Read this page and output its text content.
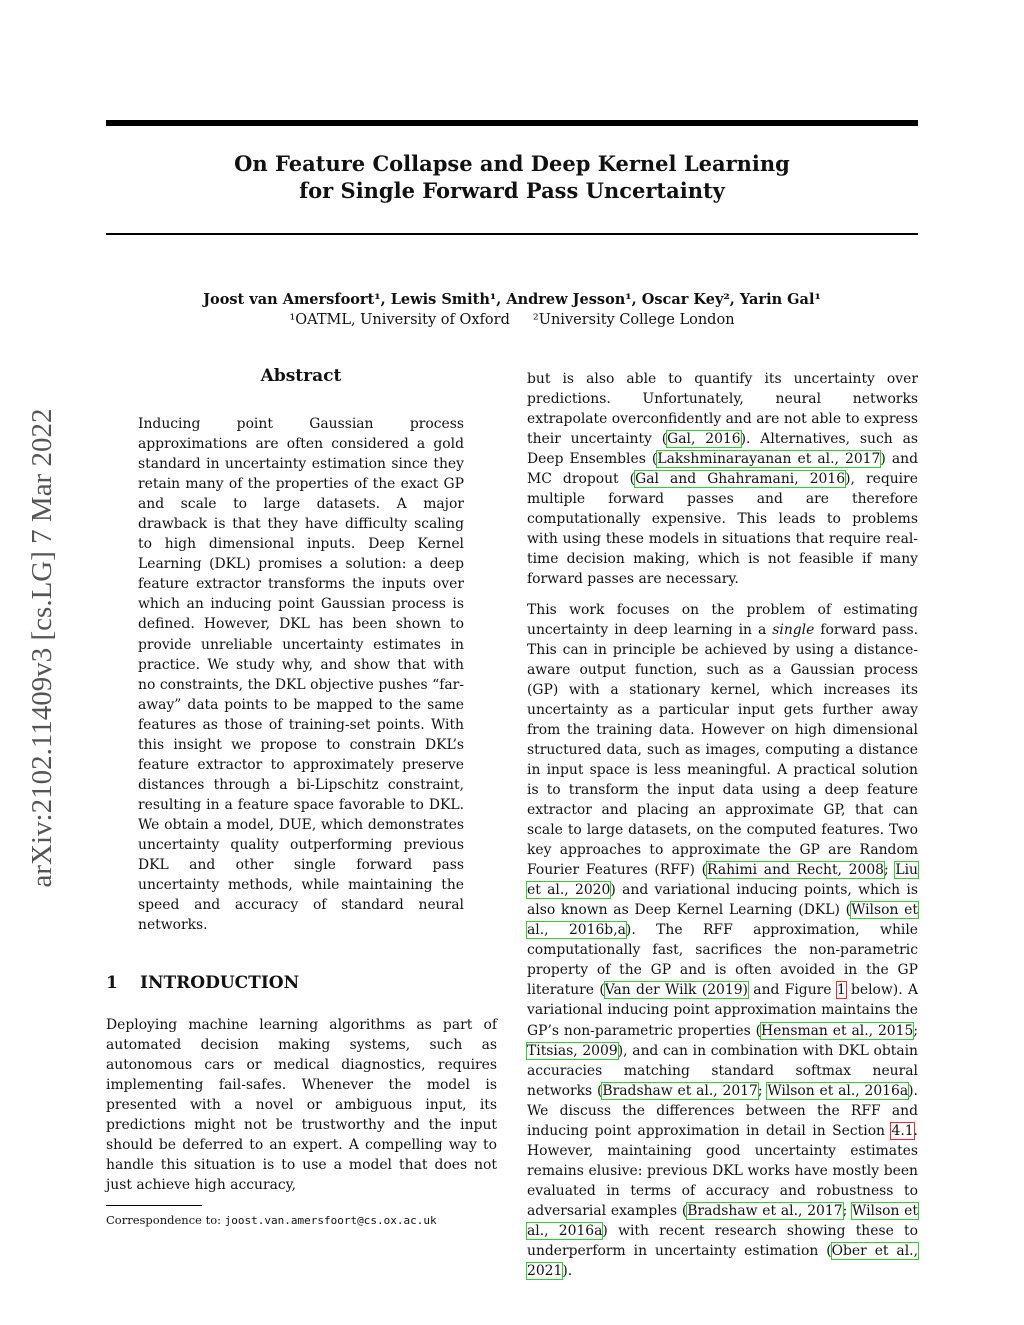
On Feature Collapse and Deep Kernel Learning
for Single Forward Pass Uncertainty
Joost van Amersfoort¹, Lewis Smith¹, Andrew Jesson¹, Oscar Key², Yarin Gal¹
¹OATML, University of Oxford     ²University College London
arXiv:2102.11409v3 [cs.LG] 7 Mar 2022
Abstract

Inducing point Gaussian process approximations are often considered a gold standard in uncertainty estimation since they retain many of the properties of the exact GP and scale to large datasets. A major drawback is that they have difficulty scaling to high dimensional inputs. Deep Kernel Learning (DKL) promises a solution: a deep feature extractor transforms the inputs over which an inducing point Gaussian process is defined. However, DKL has been shown to provide unreliable uncertainty estimates in practice. We study why, and show that with no constraints, the DKL objective pushes “far-away” data points to be mapped to the same features as those of training-set points. With this insight we propose to constrain DKL’s feature extractor to approximately preserve distances through a bi-Lipschitz constraint, resulting in a feature space favorable to DKL. We obtain a model, DUE, which demonstrates uncertainty quality outperforming previous DKL and other single forward pass uncertainty methods, while maintaining the speed and accuracy of standard neural networks.

1 INTRODUCTION

Deploying machine learning algorithms as part of automated decision making systems, such as autonomous cars or medical diagnostics, requires implementing fail-safes. Whenever the model is presented with a novel or ambiguous input, its predictions might not be trustworthy and the input should be deferred to an expert. A compelling way to handle this situation is to use a model that does not just achieve high accuracy,

Correspondence to: joost.van.amersfoort@cs.ox.ac.uk

but is also able to quantify its uncertainty over predictions. Unfortunately, neural networks extrapolate overconfidently and are not able to express their uncertainty (Gal, 2016). Alternatives, such as Deep Ensembles (Lakshminarayanan et al., 2017) and MC dropout (Gal and Ghahramani, 2016), require multiple forward passes and are therefore computationally expensive. This leads to problems with using these models in situations that require real-time decision making, which is not feasible if many forward passes are necessary.

This work focuses on the problem of estimating uncertainty in deep learning in a single forward pass. This can in principle be achieved by using a distance-aware output function, such as a Gaussian process (GP) with a stationary kernel, which increases its uncertainty as a particular input gets further away from the training data. However on high dimensional structured data, such as images, computing a distance in input space is less meaningful. A practical solution is to transform the input data using a deep feature extractor and placing an approximate GP, that can scale to large datasets, on the computed features. Two key approaches to approximate the GP are Random Fourier Features (RFF) (Rahimi and Recht, 2008; Liu et al., 2020) and variational inducing points, which is also known as Deep Kernel Learning (DKL) (Wilson et al., 2016b,a). The RFF approximation, while computationally fast, sacrifices the non-parametric property of the GP and is often avoided in the GP literature (Van der Wilk (2019) and Figure 1 below). A variational inducing point approximation maintains the GP’s non-parametric properties (Hensman et al., 2015; Titsias, 2009), and can in combination with DKL obtain accuracies matching standard softmax neural networks (Bradshaw et al., 2017; Wilson et al., 2016a). We discuss the differences between the RFF and inducing point approximation in detail in Section 4.1. However, maintaining good uncertainty estimates remains elusive: previous DKL works have mostly been evaluated in terms of accuracy and robustness to adversarial examples (Bradshaw et al., 2017; Wilson et al., 2016a) with recent research showing these to underperform in uncertainty estimation (Ober et al., 2021).
